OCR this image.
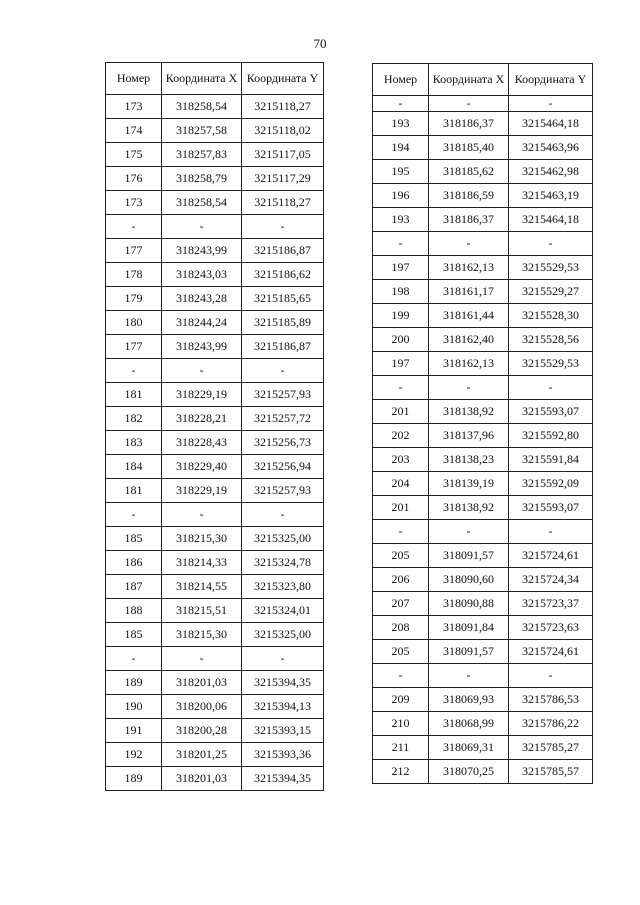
70
Номер	Координата X	Координата Y
173	318258,54	3215118,27
174	318257,58	3215118,02
175	318257,83	3215117,05
176	318258,79	3215117,29
173	318258,54	3215118,27
-	-	-
177	318243,99	3215186,87
178	318243,03	3215186,62
179	318243,28	3215185,65
180	318244,24	3215185,89
177	318243,99	3215186,87
-	-	-
181	318229,19	3215257,93
182	318228,21	3215257,72
183	318228,43	3215256,73
184	318229,40	3215256,94
181	318229,19	3215257,93
-	-	-
185	318215,30	3215325,00
186	318214,33	3215324,78
187	318214,55	3215323,80
188	318215,51	3215324,01
185	318215,30	3215325,00
-	-	-
189	318201,03	3215394,35
190	318200,06	3215394,13
191	318200,28	3215393,15
192	318201,25	3215393,36
189	318201,03	3215394,35
Номер	Координата X	Координата Y
-	-	-
193	318186,37	3215464,18
194	318185,40	3215463,96
195	318185,62	3215462,98
196	318186,59	3215463,19
193	318186,37	3215464,18
-	-	-
197	318162,13	3215529,53
198	318161,17	3215529,27
199	318161,44	3215528,30
200	318162,40	3215528,56
197	318162,13	3215529,53
-	-	-
201	318138,92	3215593,07
202	318137,96	3215592,80
203	318138,23	3215591,84
204	318139,19	3215592,09
201	318138,92	3215593,07
-	-	-
205	318091,57	3215724,61
206	318090,60	3215724,34
207	318090,88	3215723,37
208	318091,84	3215723,63
205	318091,57	3215724,61
-	-	-
209	318069,93	3215786,53
210	318068,99	3215786,22
211	318069,31	3215785,27
212	318070,25	3215785,57
